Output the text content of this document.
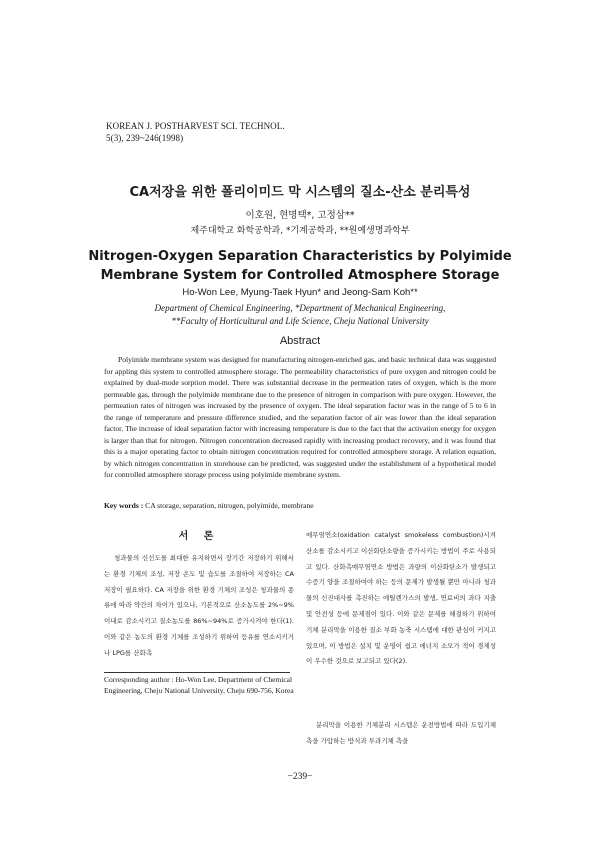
KOREAN J. POSTHARVEST SCI. TECHNOL.
5(3), 239~246(1998)
CA저장을 위한 폴리이미드 막 시스템의 질소-산소 분리특성
이호원, 현명택*, 고정삼**
제주대학교 화학공학과, *기계공학과, **원예생명과학부
Nitrogen-Oxygen Separation Characteristics by Polyimide
Membrane System for Controlled Atmosphere Storage
Ho-Won Lee, Myung-Taek Hyun* and Jeong-Sam Koh**
Department of Chemical Engineering, *Department of Mechanical Engineering,
**Faculty of Horticultural and Life Science, Cheju National University
Abstract
Polyimide membrane system was designed for manufacturing nitrogen-enriched gas, and basic technical data was suggested for appling this system to controlled atmosphere storage. The permeability characteristics of pure oxygen and nitrogen could be explained by dual-mode sorption model. There was substantial decrease in the permeation rates of oxygen, which is the more permeable gas, through the polyimide membrane due to the presence of nitrogen in comparison with pure oxygen. However, the permeation rates of nitrogen was increased by the presence of oxygen. The ideal separation factor was in the range of 5 to 6 in the range of temperature and pressure difference studied, and the separation factor of air was lower than the ideal separation factor. The increase of ideal separation factor with increasing temperature is due to the fact that the activation energy for oxygen is larger than that for nitrogen. Nitrogen concentration decreased rapidly with increasing product recovery, and it was found that this is a major operating factor to obtain nitrogen concentration required for controlled atmosphere storage. A relation equation, by which nitrogen concentration in storehouse can be predicted, was suggested under the establishment of a hypothetical model for controlled atmosphere storage process using polyimide membrane system.
Key words : CA storage, separation, nitrogen, polyimide, membrane
서 론
청과물의 신선도를 최대한 유지하면서 장기간 저장하기 위해서는 환경 기체의 조성, 저장 온도 및 습도를 조절하여 저장하는 CA 저장이 필요하다. CA 저장을 위한 환경 기체의 조성은 청과물의 종류에 따라 약간의 차이가 있으나, 기본적으로 산소농도를 2%~9% 이내로 감소시키고 질소농도를 86%~94%로 증가시켜야 한다(1). 이와 같은 농도의 환경 기체를 조성하기 위하여 등유를 연소시키거나 LPG를 산화촉
매무염연소(oxidation catalyst smokeless combustion)시켜 산소를 감소시키고 이산화탄소량을 증가시키는 방법이 주로 사용되고 있다. 산화촉매무염연소 방법은 과량의 이산화탄소가 발생되고 수증기 양을 조절하여야 하는 등의 문제가 발생될 뿐만 아니라 청과물의 신진대사를 촉진하는 에틸렌가스의 발생, 연료비의 과다 지출 및 안전성 등에 문제점이 있다. 이와 같은 문제를 해결하기 위하여 기체 분리막을 이용한 질소 부화 농축 시스템에 대한 관심이 커지고 있으며, 이 방법은 설치 및 운영이 쉽고 에너지 소모가 적어 경제성이 우수한 것으로 보고되고 있다(2).
분리막을 이용한 기체분리 시스템은 운전방법에 따라 도입기체 측을 가압하는 방식과 투과기체 측을
Corresponding author : Ho-Won Lee, Department of Chemical Engineering, Cheju National University, Cheju 690-756, Korea
−239−
